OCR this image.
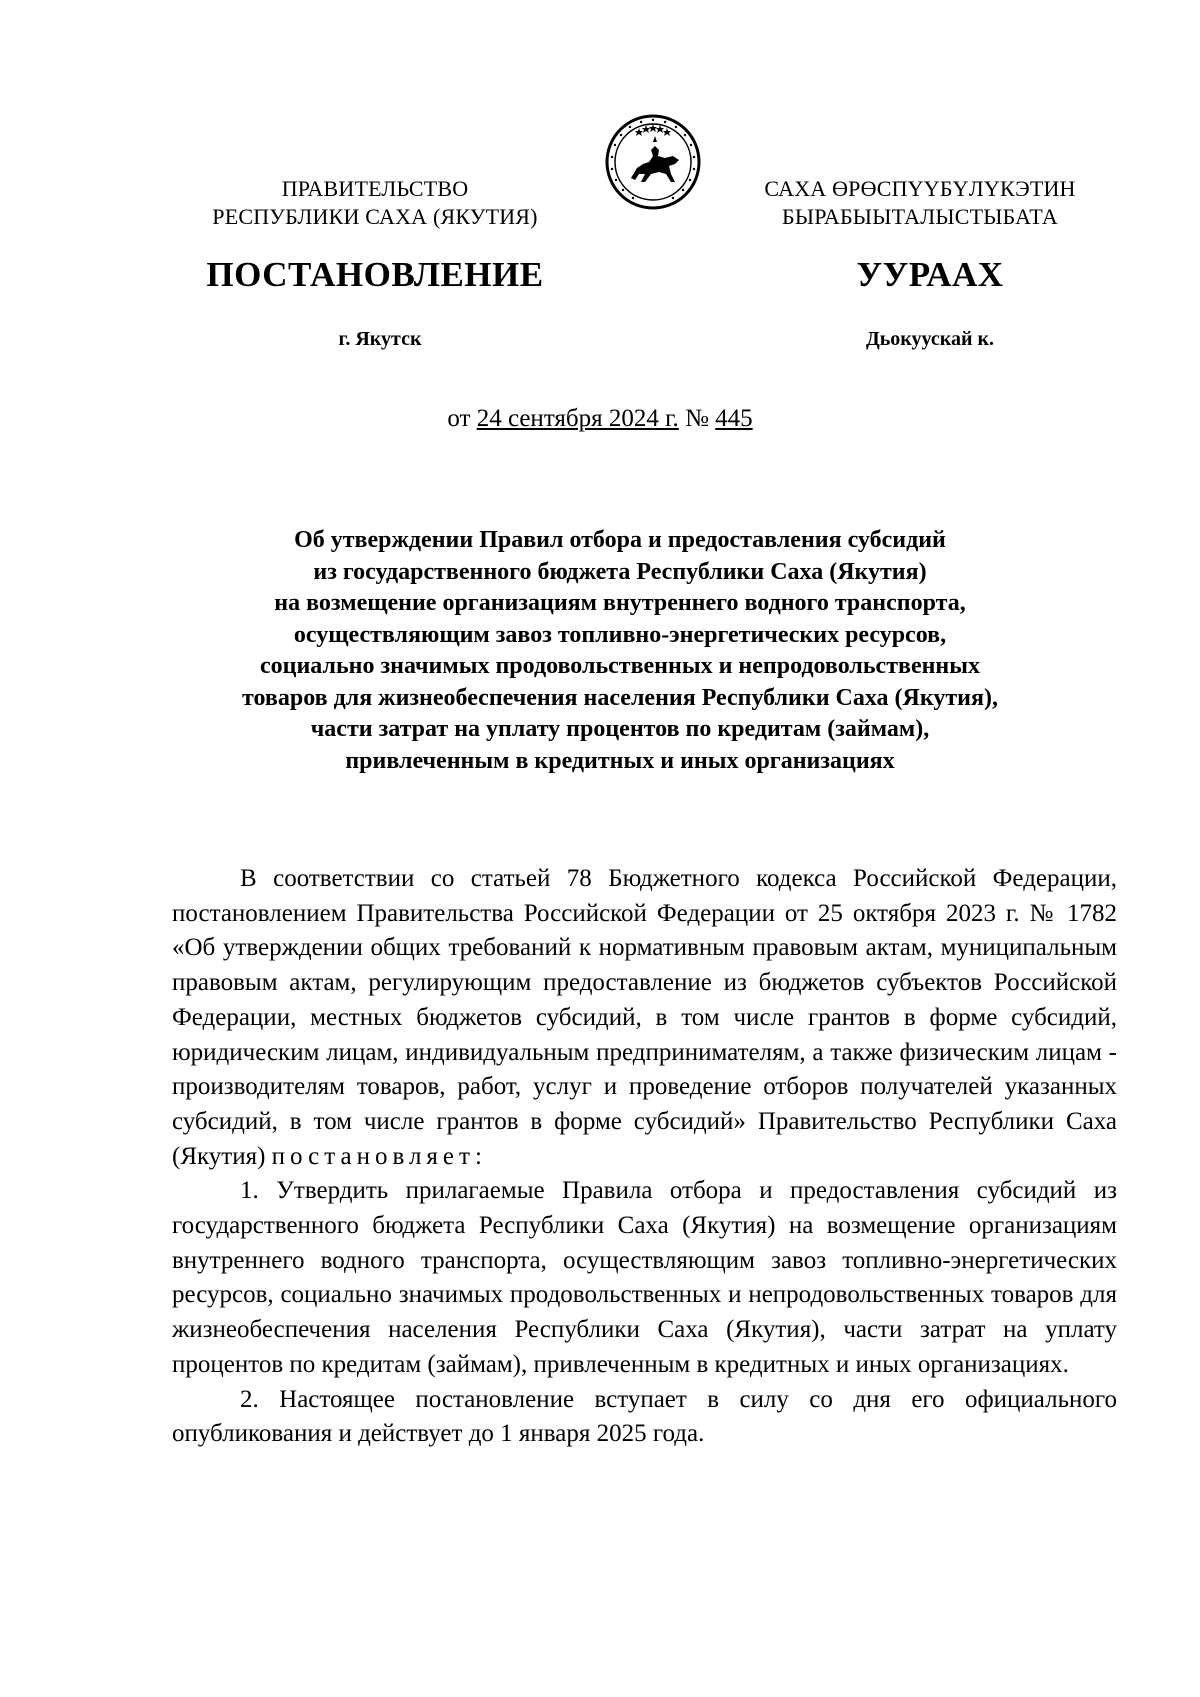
ПРАВИТЕЛЬСТВО
РЕСПУБЛИКИ САХА (ЯКУТИЯ)
САХА ӨРӨСПҮҮБҮЛҮКЭТИН
БЫРАБЫЫТАЛЫСТЫБАТА
ПОСТАНОВЛЕНИЕ	УУРААХ
г. Якутск	Дьокуускай к.
от 24 сентября 2024 г. № 445
Об утверждении Правил отбора и предоставления субсидий
из государственного бюджета Республики Саха (Якутия)
на возмещение организациям внутреннего водного транспорта,
осуществляющим завоз топливно-энергетических ресурсов,
социально значимых продовольственных и непродовольственных
товаров для жизнеобеспечения населения Республики Саха (Якутия),
части затрат на уплату процентов по кредитам (займам),
привлеченным в кредитных и иных организациях

В соответствии со статьей 78 Бюджетного кодекса Российской Федерации, постановлением Правительства Российской Федерации от 25 октября 2023 г. № 1782 «Об утверждении общих требований к нормативным правовым актам, муниципальным правовым актам, регулирующим предоставление из бюджетов субъектов Российской Федерации, местных бюджетов субсидий, в том числе грантов в форме субсидий, юридическим лицам, индивидуальным предпринимателям, а также физическим лицам - производителям товаров, работ, услуг и проведение отборов получателей указанных субсидий, в том числе грантов в форме субсидий» Правительство Республики Саха (Якутия) постановляет:

1. Утвердить прилагаемые Правила отбора и предоставления субсидий из государственного бюджета Республики Саха (Якутия) на возмещение организациям внутреннего водного транспорта, осуществляющим завоз топливно-энергетических ресурсов, социально значимых продовольственных и непродовольственных товаров для жизнеобеспечения населения Республики Саха (Якутия), части затрат на уплату процентов по кредитам (займам), привлеченным в кредитных и иных организациях.

2. Настоящее постановление вступает в силу со дня его официального опубликования и действует до 1 января 2025 года.
